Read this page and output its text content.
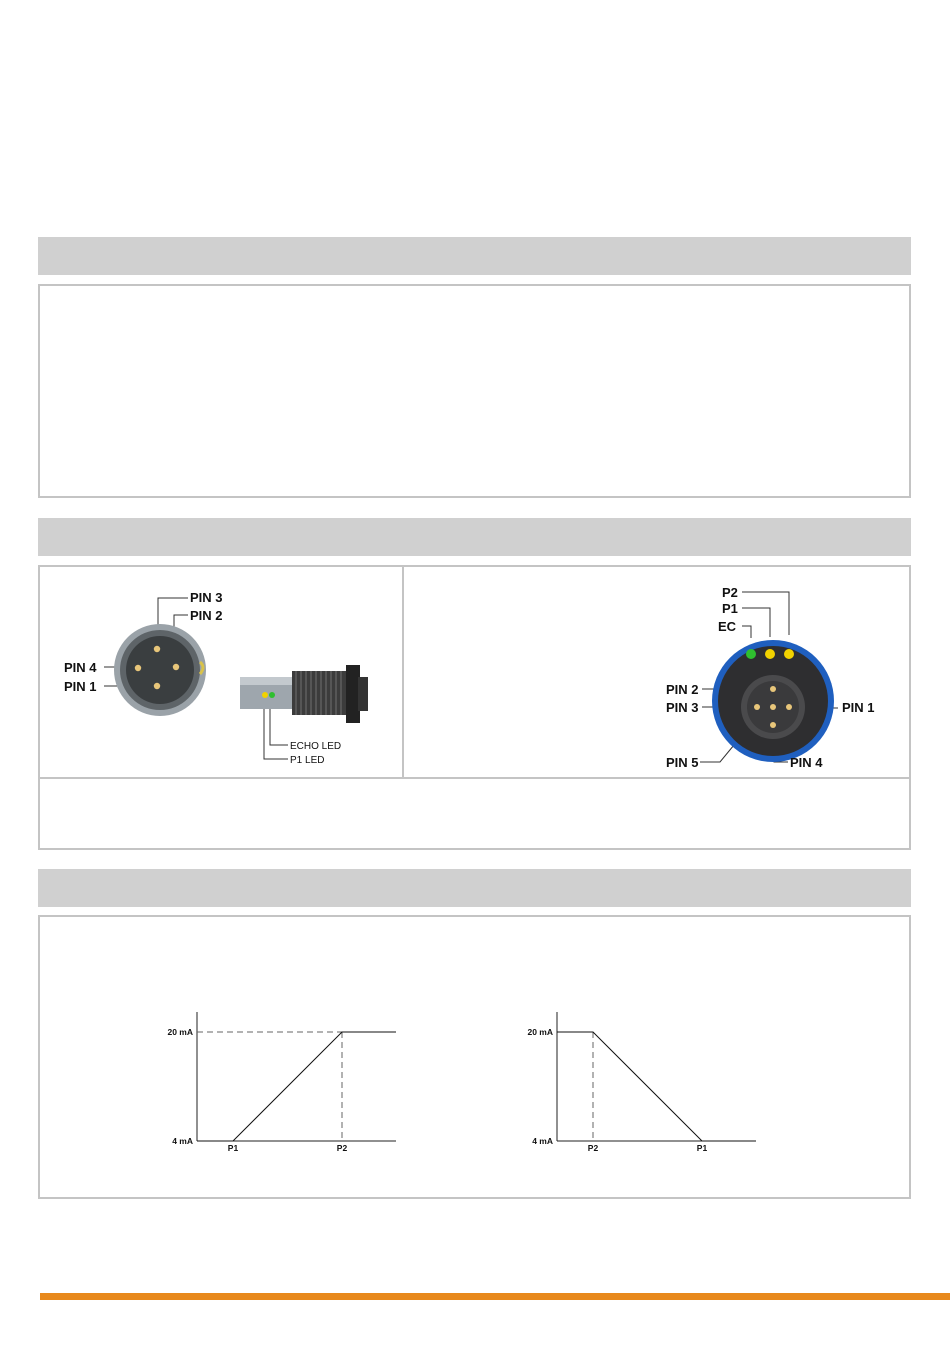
PIN 3
PIN 2
PIN 4
PIN 1
ECHO LED
P1 LED
P2
P1
EC
PIN 2
PIN 3	PIN 1
PIN 5	PIN 4
20 mA
4 mA
P1	P2
20 mA
4 mA
P2	P1
